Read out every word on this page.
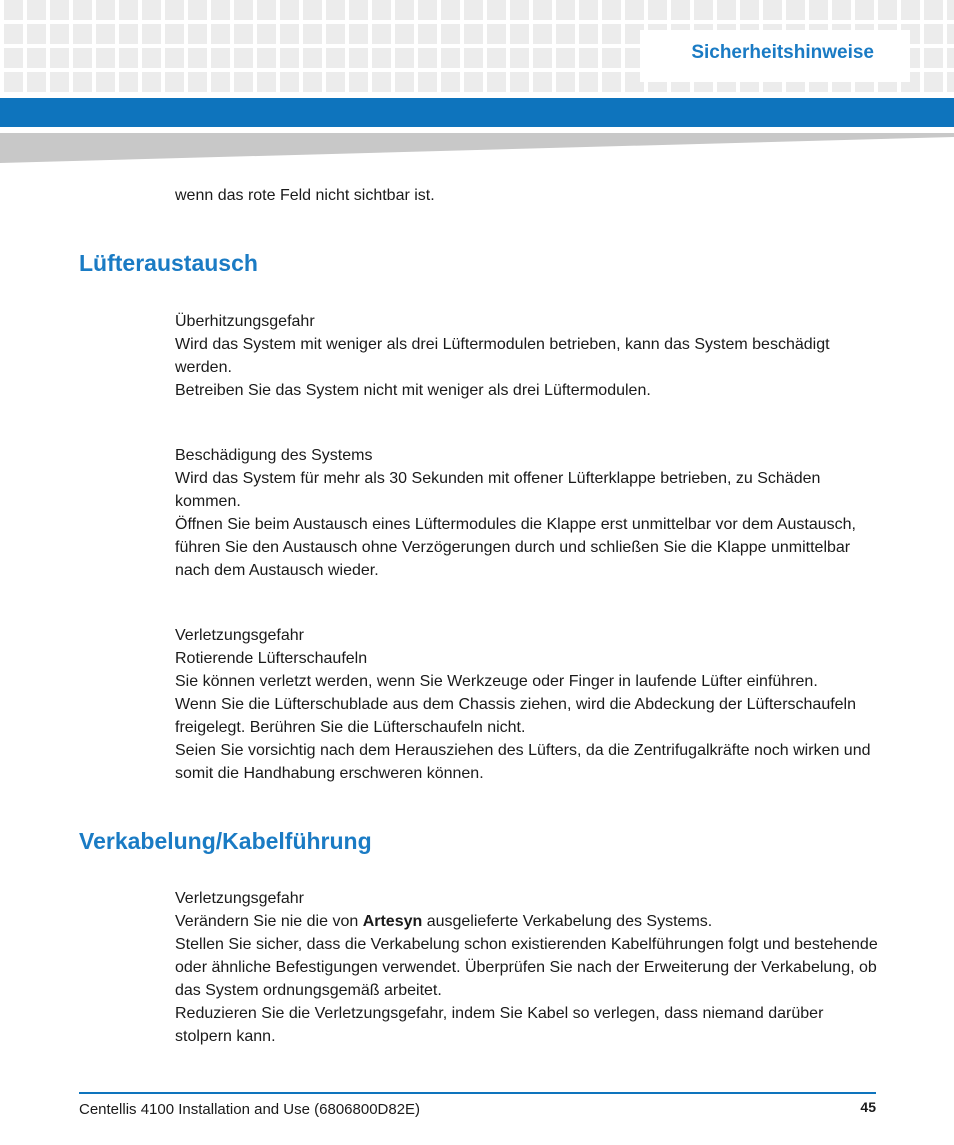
Sicherheitshinweise

wenn das rote Feld nicht sichtbar ist.

Lüfteraustausch

Überhitzungsgefahr

Wird das System mit weniger als drei Lüftermodulen betrieben, kann das System beschädigt werden.

Betreiben Sie das System nicht mit weniger als drei Lüftermodulen.

Beschädigung des Systems

Wird das System für mehr als 30 Sekunden mit offener Lüfterklappe betrieben, zu Schäden kommen.

Öffnen Sie beim Austausch eines Lüftermodules die Klappe erst unmittelbar vor dem Austausch, führen Sie den Austausch ohne Verzögerungen durch und schließen Sie die Klappe unmittelbar nach dem Austausch wieder.

Verletzungsgefahr

Rotierende Lüfterschaufeln

Sie können verletzt werden, wenn Sie Werkzeuge oder Finger in laufende Lüfter einführen.

Wenn Sie die Lüfterschublade aus dem Chassis ziehen, wird die Abdeckung der Lüfterschaufeln freigelegt. Berühren Sie die Lüfterschaufeln nicht.

Seien Sie vorsichtig nach dem Herausziehen des Lüfters, da die Zentrifugalkräfte noch wirken und somit die Handhabung erschweren können.

Verkabelung/Kabelführung

Verletzungsgefahr

Verändern Sie nie die von Artesyn ausgelieferte Verkabelung des Systems.

Stellen Sie sicher, dass die Verkabelung schon existierenden Kabelführungen folgt und bestehende oder ähnliche Befestigungen verwendet. Überprüfen Sie nach der Erweiterung der Verkabelung, ob das System ordnungsgemäß arbeitet.

Reduzieren Sie die Verletzungsgefahr, indem Sie Kabel so verlegen, dass niemand darüber stolpern kann.

Centellis 4100 Installation and Use (6806800D82E)	45
